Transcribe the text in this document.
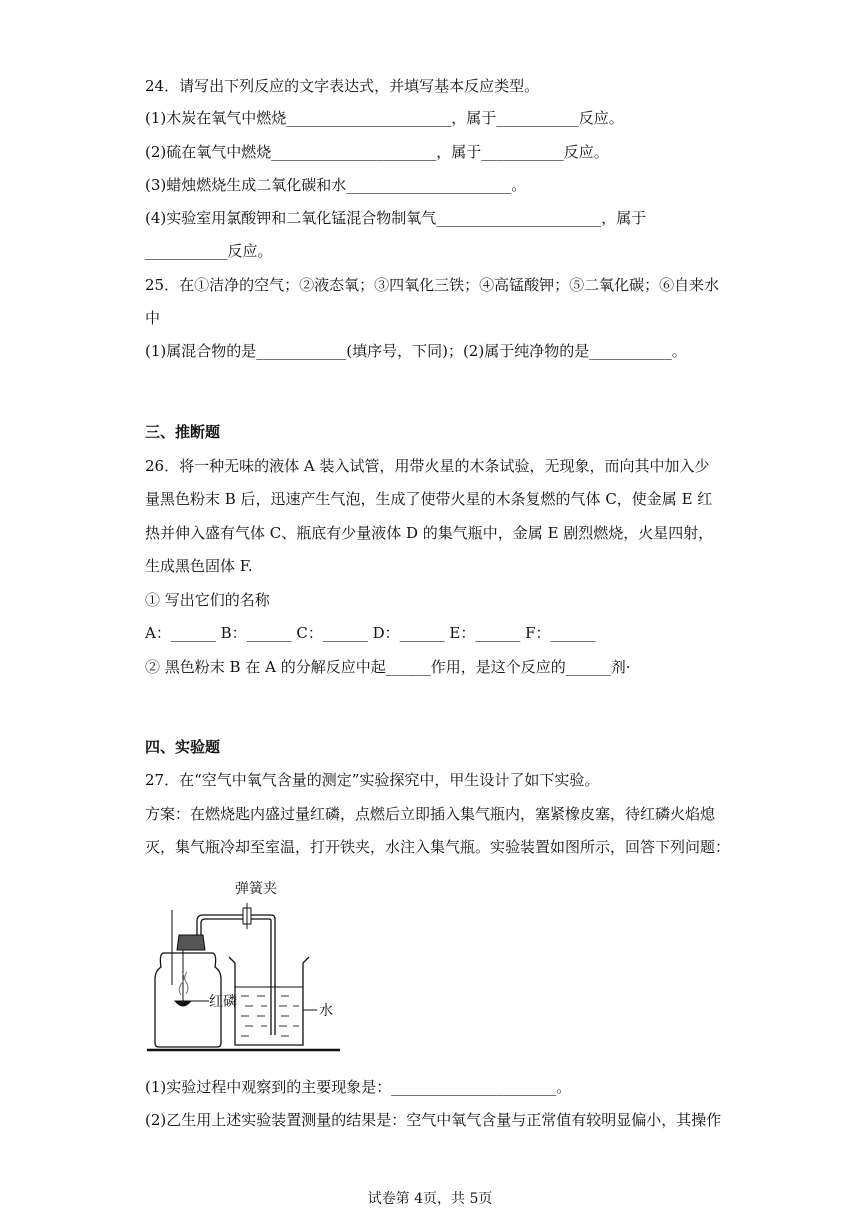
24．请写出下列反应的文字表达式，并填写基本反应类型。
(1)木炭在氧气中燃烧______________________，属于___________反应。
(2)硫在氧气中燃烧______________________，属于___________反应。
(3)蜡烛燃烧生成二氧化碳和水______________________。
(4)实验室用氯酸钾和二氧化锰混合物制氧气______________________，属于
___________反应。
25．在①洁净的空气；②液态氧；③四氧化三铁；④高锰酸钾；⑤二氧化碳；⑥自来水
中
(1)属混合物的是____________(填序号，下同)；(2)属于纯净物的是___________。
三、推断题
26．将一种无味的液体 A 装入试管，用带火星的木条试验，无现象，而向其中加入少
量黑色粉末 B 后，迅速产生气泡，生成了使带火星的木条复燃的气体 C，使金属 E 红
热并伸入盛有气体 C、瓶底有少量液体 D 的集气瓶中，金属 E 剧烈燃烧，火星四射，
生成黑色固体 F.
① 写出它们的名称
A：______ B：______ C：______ D：______ E：______ F：______
② 黑色粉末 B 在 A 的分解反应中起______作用，是这个反应的______剂·
四、实验题
27．在“空气中氧气含量的测定”实验探究中，甲生设计了如下实验。
方案：在燃烧匙内盛过量红磷，点燃后立即插入集气瓶内，塞紧橡皮塞，待红磷火焰熄
灭，集气瓶冷却至室温，打开铁夹，水注入集气瓶。实验装置如图所示，回答下列问题：
弹簧夹
红磷
水
(1)实验过程中观察到的主要现象是：______________________。
(2)乙生用上述实验装置测量的结果是：空气中氧气含量与正常值有较明显偏小，其操作
试卷第 4页，共 5页
